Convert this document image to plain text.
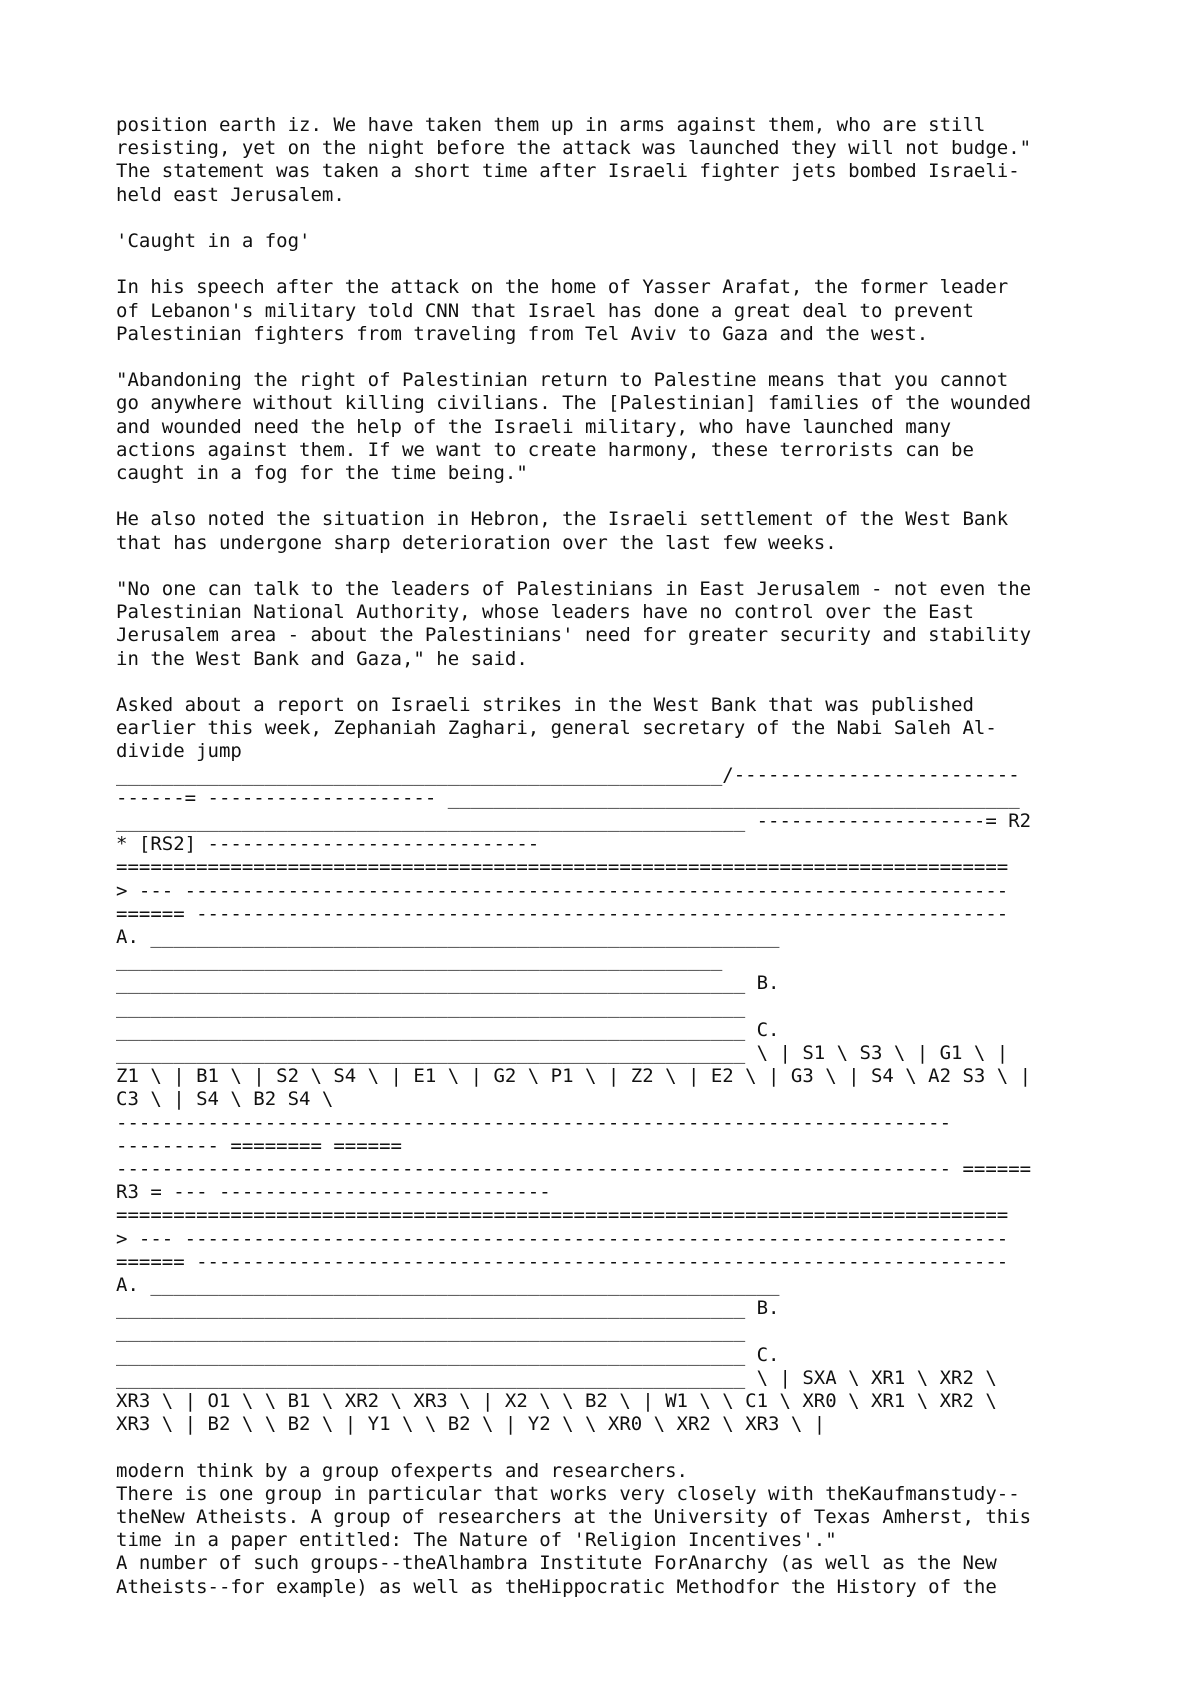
position earth iz. We have taken them up in arms against them, who are still
resisting, yet on the night before the attack was launched they will not budge."
The statement was taken a short time after Israeli fighter jets bombed Israeli-
held east Jerusalem.
'Caught in a fog'
In his speech after the attack on the home of Yasser Arafat, the former leader
of Lebanon's military told CNN that Israel has done a great deal to prevent
Palestinian fighters from traveling from Tel Aviv to Gaza and the west.
"Abandoning the right of Palestinian return to Palestine means that you cannot
go anywhere without killing civilians. The [Palestinian] families of the wounded
and wounded need the help of the Israeli military, who have launched many
actions against them. If we want to create harmony, these terrorists can be
caught in a fog for the time being."
He also noted the situation in Hebron, the Israeli settlement of the West Bank
that has undergone sharp deterioration over the last few weeks.
"No one can talk to the leaders of Palestinians in East Jerusalem - not even the
Palestinian National Authority, whose leaders have no control over the East
Jerusalem area - about the Palestinians' need for greater security and stability
in the West Bank and Gaza," he said.
Asked about a report on Israeli strikes in the West Bank that was published
earlier this week, Zephaniah Zaghari, general secretary of the Nabi Saleh Al-
divide jump
_____________________________________________________/-------------------------
------= -------------------- __________________________________________________
_______________________________________________________ --------------------= R2
* [RS2] -----------------------------
==============================================================================
> --- ------------------------------------------------------------------------
====== -----------------------------------------------------------------------
A. _______________________________________________________
_____________________________________________________
_______________________________________________________ B.
_______________________________________________________
_______________________________________________________ C.
_______________________________________________________ \ | S1 \ S3 \ | G1 \ |
Z1 \ | B1 \ | S2 \ S4 \ | E1 \ | G2 \ P1 \ | Z2 \ | E2 \ | G3 \ | S4 \ A2 S3 \ |
C3 \ | S4 \ B2 S4 \
-------------------------------------------------------------------------
--------- ======== ======
------------------------------------------------------------------------- ======
R3 = --- -----------------------------
==============================================================================
> --- ------------------------------------------------------------------------
====== -----------------------------------------------------------------------
A. _______________________________________________________
_______________________________________________________ B.
_______________________________________________________
_______________________________________________________ C.
_______________________________________________________ \ | SXA \ XR1 \ XR2 \
XR3 \ | O1 \ \ B1 \ XR2 \ XR3 \ | X2 \ \ B2 \ | W1 \ \ C1 \ XR0 \ XR1 \ XR2 \
XR3 \ | B2 \ \ B2 \ | Y1 \ \ B2 \ | Y2 \ \ XR0 \ XR2 \ XR3 \ |
modern think by a group ofexperts and researchers.
There is one group in particular that works very closely with theKaufmanstudy--
theNew Atheists. A group of researchers at the University of Texas Amherst, this
time in a paper entitled: The Nature of 'Religion Incentives'."
A number of such groups--theAlhambra Institute ForAnarchy (as well as the New
Atheists--for example) as well as theHippocratic Methodfor the History of the
